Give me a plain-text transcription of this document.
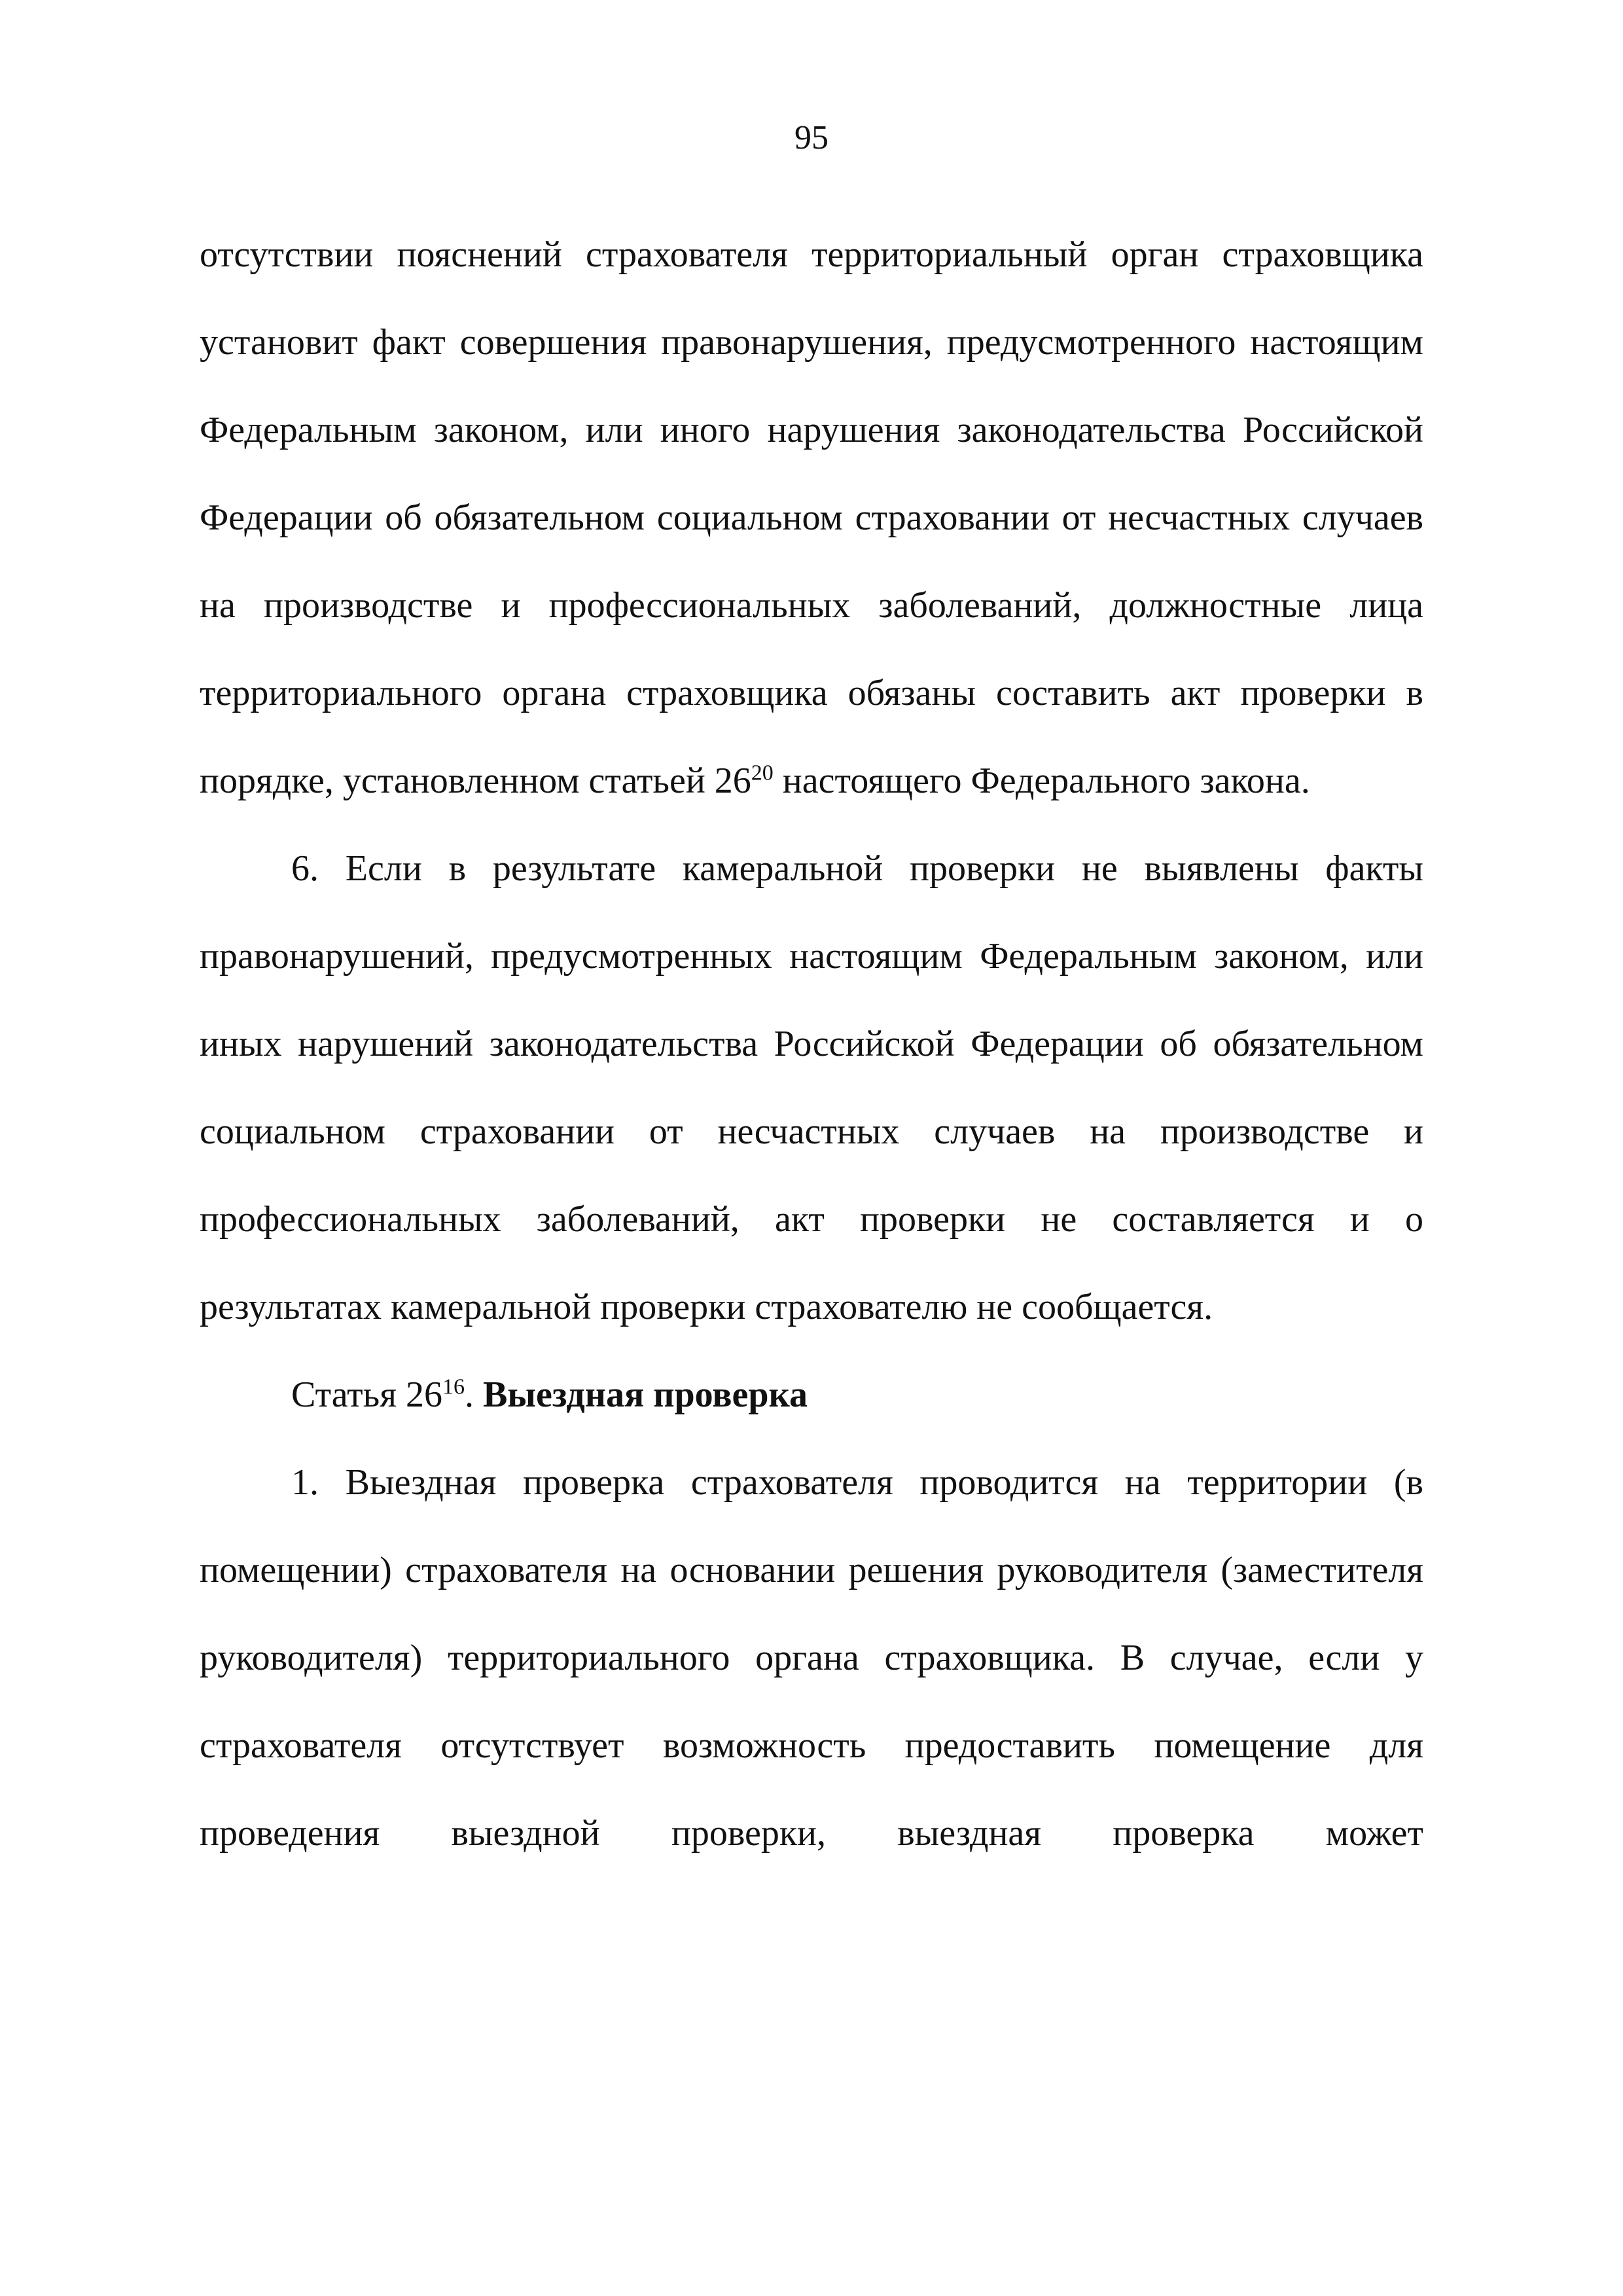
95

отсутствии пояснений страхователя территориальный орган страховщика установит факт совершения правонарушения, предусмотренного настоящим Федеральным законом, или иного нарушения законодательства Российской Федерации об обязательном социальном страховании от несчастных случаев на производстве и профессиональных заболеваний, должностные лица территориального органа страховщика обязаны составить акт проверки в порядке, установленном статьей $26^{20}$ настоящего Федерального закона.

6. Если в результате камеральной проверки не выявлены факты правонарушений, предусмотренных настоящим Федеральным законом, или иных нарушений законодательства Российской Федерации об обязательном социальном страховании от несчастных случаев на производстве и профессиональных заболеваний, акт проверки не составляется и о результатах камеральной проверки страхователю не сообщается.

Статья $26^{16}$. Выездная проверка

1. Выездная проверка страхователя проводится на территории (в помещении) страхователя на основании решения руководителя (заместителя руководителя) территориального органа страховщика. В случае, если у страхователя отсутствует возможность предоставить помещение для проведения выездной проверки, выездная проверка может
